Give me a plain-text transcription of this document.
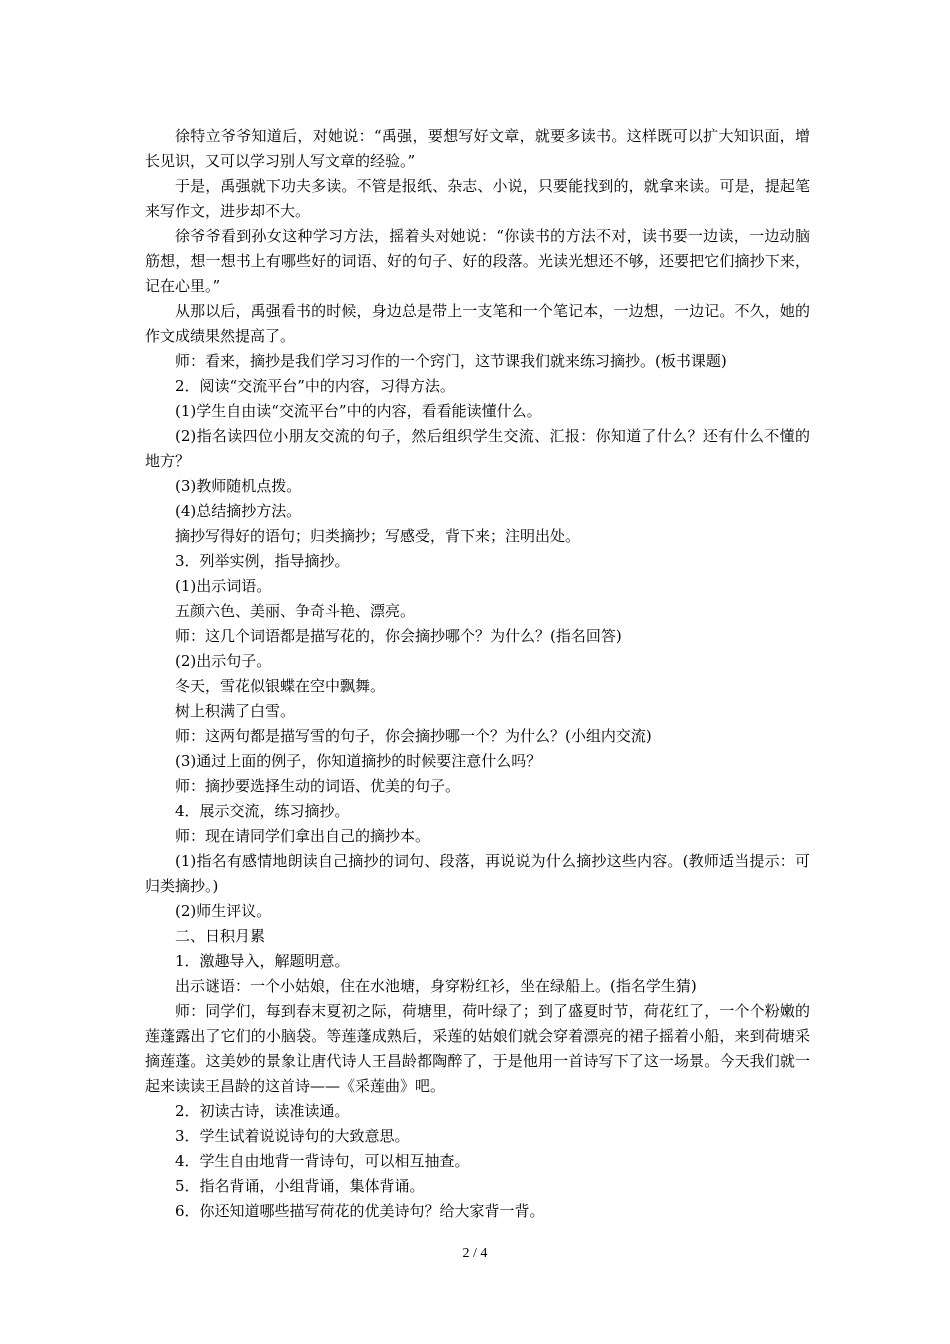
徐特立爷爷知道后，对她说：“禹强，要想写好文章，就要多读书。这样既可以扩大知识面，增长见识，又可以学习别人写文章的经验。”

于是，禹强就下功夫多读。不管是报纸、杂志、小说，只要能找到的，就拿来读。可是，提起笔来写作文，进步却不大。

徐爷爷看到孙女这种学习方法，摇着头对她说：“你读书的方法不对，读书要一边读，一边动脑筋想，想一想书上有哪些好的词语、好的句子、好的段落。光读光想还不够，还要把它们摘抄下来，记在心里。”

从那以后，禹强看书的时候，身边总是带上一支笔和一个笔记本，一边想，一边记。不久，她的作文成绩果然提高了。

师：看来，摘抄是我们学习习作的一个窍门，这节课我们就来练习摘抄。(板书课题)

2．阅读“交流平台”中的内容，习得方法。

(1)学生自由读“交流平台”中的内容，看看能读懂什么。

(2)指名读四位小朋友交流的句子，然后组织学生交流、汇报：你知道了什么？还有什么不懂的地方？

(3)教师随机点拨。

(4)总结摘抄方法。

摘抄写得好的语句；归类摘抄；写感受，背下来；注明出处。

3．列举实例，指导摘抄。

(1)出示词语。

五颜六色、美丽、争奇斗艳、漂亮。

师：这几个词语都是描写花的，你会摘抄哪个？为什么？(指名回答)

(2)出示句子。

冬天，雪花似银蝶在空中飘舞。

树上积满了白雪。

师：这两句都是描写雪的句子，你会摘抄哪一个？为什么？(小组内交流)

(3)通过上面的例子，你知道摘抄的时候要注意什么吗？

师：摘抄要选择生动的词语、优美的句子。

4．展示交流，练习摘抄。

师：现在请同学们拿出自己的摘抄本。

(1)指名有感情地朗读自己摘抄的词句、段落，再说说为什么摘抄这些内容。(教师适当提示：可归类摘抄。)

(2)师生评议。

二、日积月累

1．激趣导入，解题明意。

出示谜语：一个小姑娘，住在水池塘，身穿粉红衫，坐在绿船上。(指名学生猜)

师：同学们，每到春末夏初之际，荷塘里，荷叶绿了；到了盛夏时节，荷花红了，一个个粉嫩的莲蓬露出了它们的小脑袋。等莲蓬成熟后，采莲的姑娘们就会穿着漂亮的裙子摇着小船，来到荷塘采摘莲蓬。这美妙的景象让唐代诗人王昌龄都陶醉了，于是他用一首诗写下了这一场景。今天我们就一起来读读王昌龄的这首诗——《采莲曲》吧。

2．初读古诗，读准读通。

3．学生试着说说诗句的大致意思。

4．学生自由地背一背诗句，可以相互抽查。

5．指名背诵，小组背诵，集体背诵。

6．你还知道哪些描写荷花的优美诗句？给大家背一背。

2 / 4
